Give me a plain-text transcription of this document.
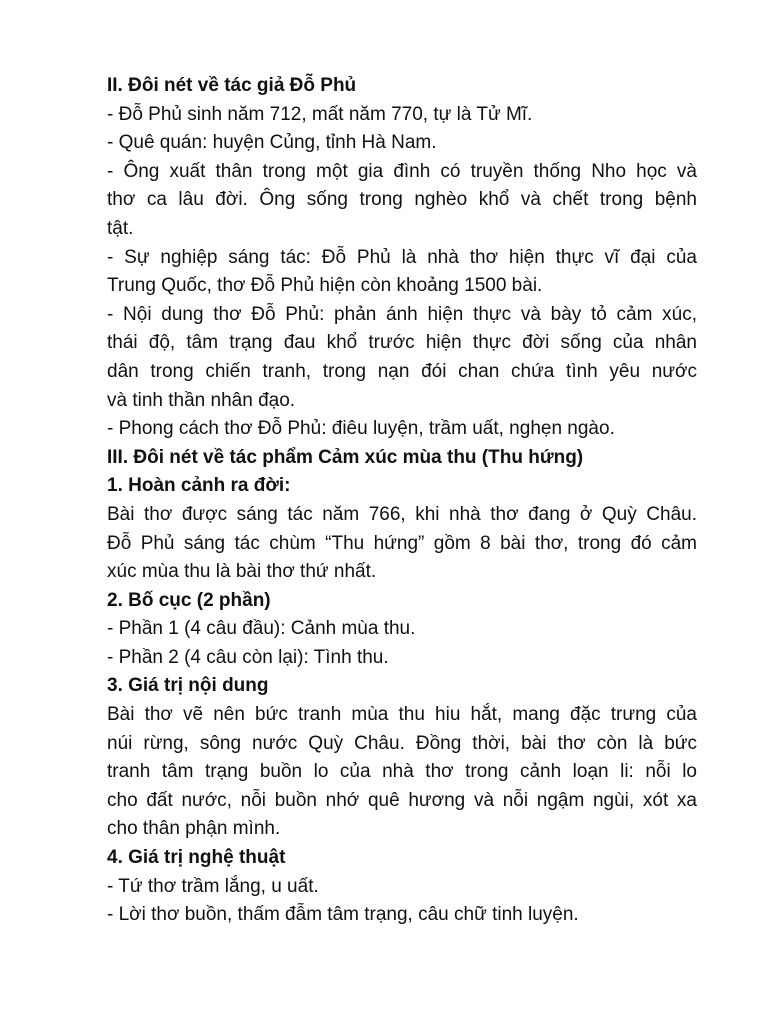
II. Đôi nét về tác giả Đỗ Phủ

- Đỗ Phủ sinh năm 712, mất năm 770, tự là Tử Mĩ.

- Quê quán: huyện Củng, tỉnh Hà Nam.

- Ông xuất thân trong một gia đình có truyền thống Nho học và

thơ ca lâu đời. Ông sống trong nghèo khổ và chết trong bệnh

tật.

- Sự nghiệp sáng tác: Đỗ Phủ là nhà thơ hiện thực vĩ đại của

Trung Quốc, thơ Đỗ Phủ hiện còn khoảng 1500 bài.

- Nội dung thơ Đỗ Phủ: phản ánh hiện thực và bày tỏ cảm xúc,

thái độ, tâm trạng đau khổ trước hiện thực đời sống của nhân

dân trong chiến tranh, trong nạn đói chan chứa tình yêu nước

và tinh thần nhân đạo.

- Phong cách thơ Đỗ Phủ: điêu luyện, trầm uất, nghẹn ngào.

III. Đôi nét về tác phẩm Cảm xúc mùa thu (Thu hứng)

1. Hoàn cảnh ra đời:

Bài thơ được sáng tác năm 766, khi nhà thơ đang ở Quỳ Châu.

Đỗ Phủ sáng tác chùm “Thu hứng” gồm 8 bài thơ, trong đó cảm

xúc mùa thu là bài thơ thứ nhất.

2. Bố cục (2 phần)

- Phần 1 (4 câu đầu): Cảnh mùa thu.

- Phần 2 (4 câu còn lại): Tình thu.

3. Giá trị nội dung

Bài thơ vẽ nên bức tranh mùa thu hiu hắt, mang đặc trưng của

núi rừng, sông nước Quỳ Châu. Đồng thời, bài thơ còn là bức

tranh tâm trạng buồn lo của nhà thơ trong cảnh loạn li: nỗi lo

cho đất nước, nỗi buồn nhớ quê hương và nỗi ngậm ngùi, xót xa

cho thân phận mình.

4. Giá trị nghệ thuật

- Tứ thơ trầm lắng, u uất.

- Lời thơ buồn, thấm đẫm tâm trạng, câu chữ tinh luyện.
